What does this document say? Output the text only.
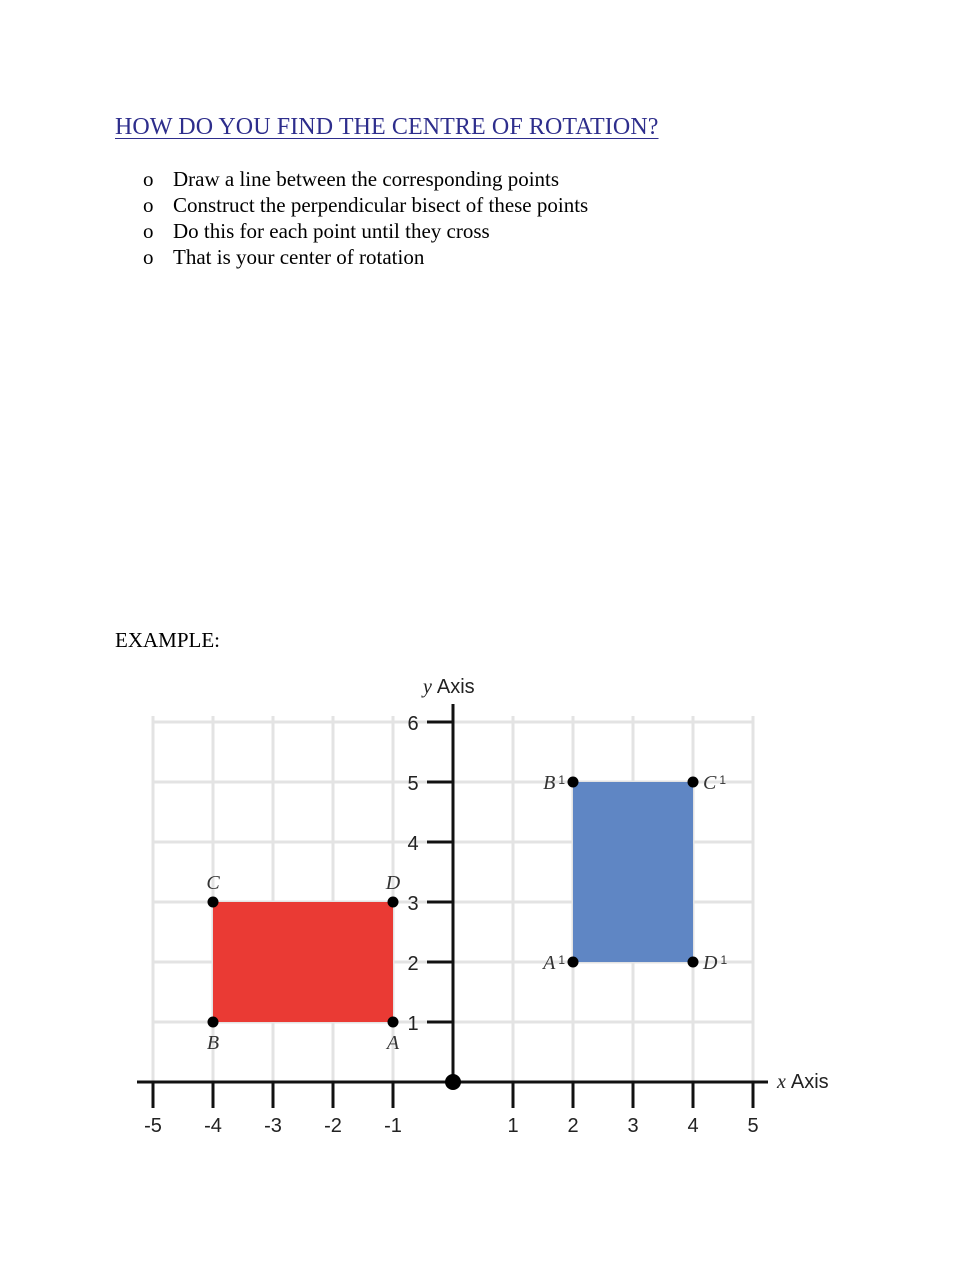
HOW DO YOU FIND THE CENTRE OF ROTATION?
o Draw a line between the corresponding points
o Construct the perpendicular bisect of these points
o Do this for each point until they cross
o That is your center of rotation
EXAMPLE:
-5 -4 -3 -2 -1	1 2 3 4 5
1
2
3
4
5
6
y Axis
x Axis
A
B
C	D
A $^1$
B $^1$	C $^1$
D $^1$
